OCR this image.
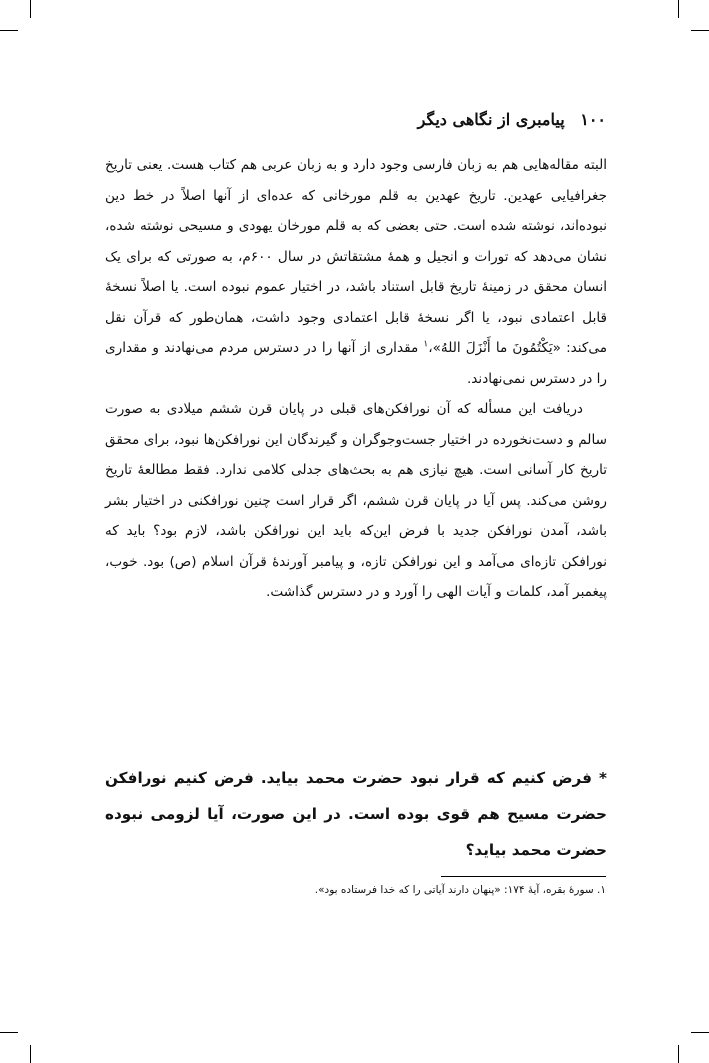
۱۰۰ پیامبری از نگاهی دیگر

البته مقاله‌هایی هم به زبان فارسی وجود دارد و به زبان عربی هم کتاب هست. یعنی تاریخ جغرافیایی عهدین. تاریخ عهدین به قلم مورخانی که عده‌ای از آنها اصلاً در خط دین نبوده‌اند، نوشته شده است. حتی بعضی که به قلم مورخان یهودی و مسیحی نوشته شده، نشان می‌دهد که تورات و انجیل و همهٔ مشتقاتش در سال ۶۰۰م، به صورتی که برای یک انسان محقق در زمینهٔ تاریخ قابل استناد باشد، در اختیار عموم نبوده است. یا اصلاً نسخهٔ قابل اعتمادی نبود، یا اگر نسخهٔ قابل اعتمادی وجود داشت، همان‌طور که قرآن نقل می‌کند: «یَکْتُمُونَ ما أَنْزَلَ اللهُ»،$^۱$ مقداری از آنها را در دسترس مردم می‌نهادند و مقداری را در دسترس نمی‌نهادند.

دریافت این مسأله که آن نورافکن‌های قبلی در پایان قرن ششم میلادی به صورت سالم و دست‌نخورده در اختیار جست‌وجوگران و گیرندگان این نورافکن‌ها نبود، برای محقق تاریخ کار آسانی است. هیچ نیازی هم به بحث‌های جدلی کلامی ندارد. فقط مطالعهٔ تاریخ روشن می‌کند. پس آیا در پایان قرن ششم، اگر قرار است چنین نورافکنی در اختیار بشر باشد، آمدن نورافکن جدید با فرض این‌که باید این نورافکن باشد، لازم بود؟ باید که نورافکن تازه‌ای می‌آمد و این نورافکن تازه، و پیامبر آورندهٔ قرآن اسلام (ص) بود. خوب، پیغمبر آمد، کلمات و آیات الهی را آورد و در دسترس گذاشت.

* فرض کنیم که قرار نبود حضرت محمد بیاید. فرض کنیم نورافکن حضرت مسیح هم قوی بوده است. در این صورت، آیا لزومی نبوده حضرت محمد بیاید؟
۱. سورهٔ بقره، آیهٔ ۱۷۴: «پنهان دارند آیاتی را که خدا فرستاده بود».
